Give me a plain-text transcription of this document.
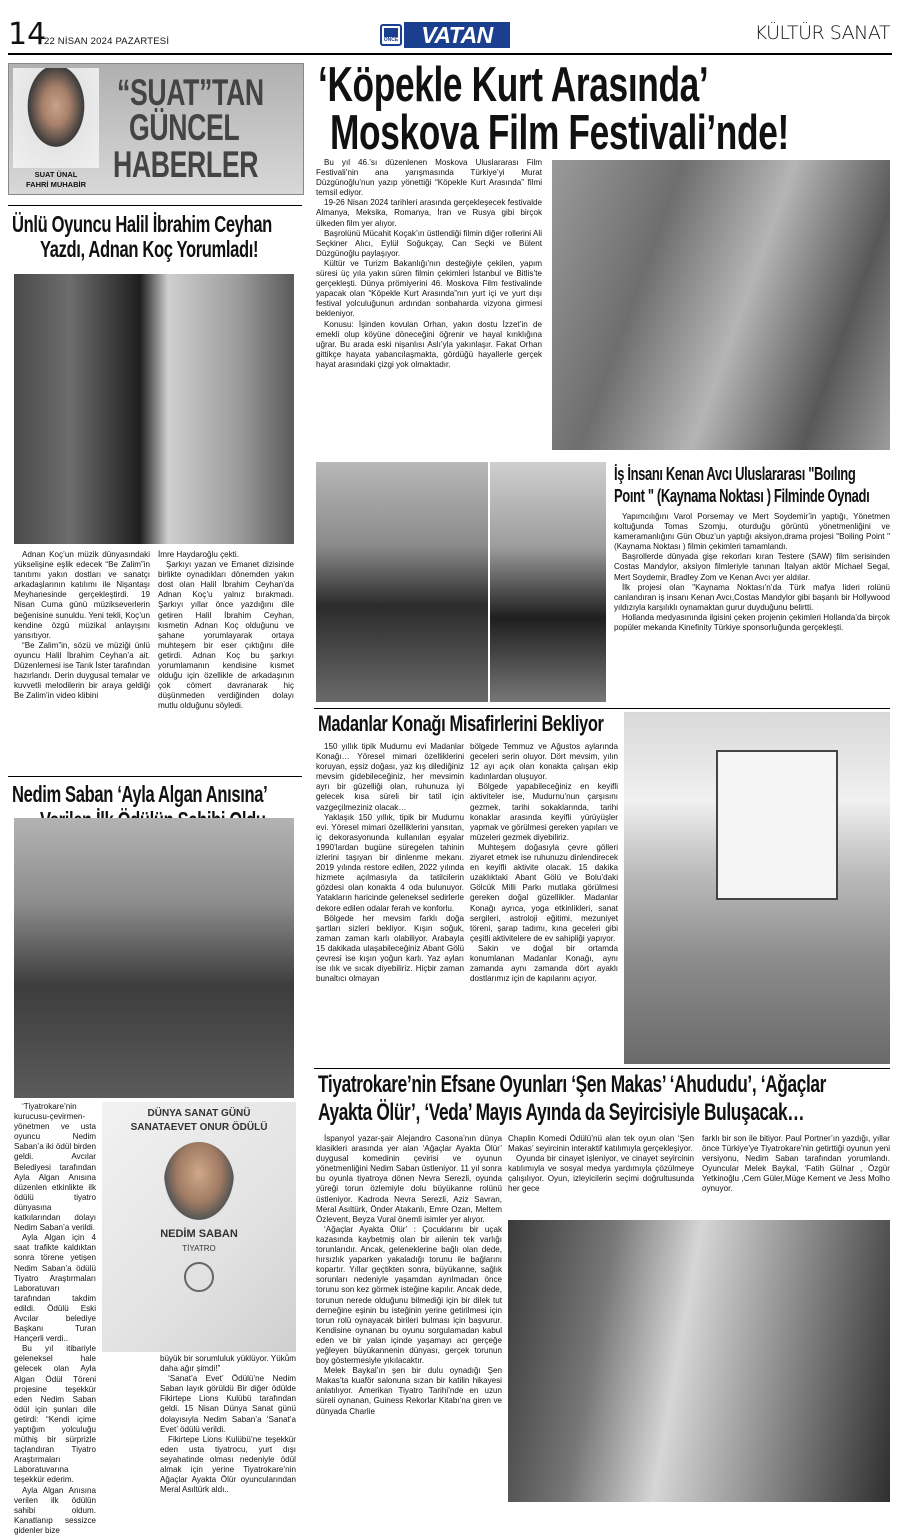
14
22 NİSAN 2024 PAZARTESİ	ÖNCE VATAN	KÜLTÜR SANAT
SUAT ÜNAL
FAHRİ MUHABİR
“SUAT”TAN
GÜNCEL
HABERLER
‘Köpekle Kurt Arasında’
Moskova Film Festivali’nde!

Bu yıl 46.’sı düzenlenen Moskova Uluslararası Film Festivali’nin ana yarışmasında Türkiye’yi Murat Düzgünoğlu’nun yazıp yönettiği “Köpekle Kurt Arasında” filmi temsil ediyor.

19-26 Nisan 2024 tarihleri arasında gerçekleşecek festivalde Almanya, Meksika, Romanya, İran ve Rusya gibi birçok ülkeden film yer alıyor.

Başrolünü Mücahit Koçak’ın üstlendiği filmin diğer rollerini Ali Seçkiner Alıcı, Eylül Soğukçay, Can Seçki ve Bülent Düzgünoğlu paylaşıyor.

Kültür ve Turizm Bakanlığı’nın desteğiyle çekilen, yapım süresi üç yıla yakın süren filmin çekimleri İstanbul ve Bitlis’te gerçekleşti. Dünya prömiyerini 46. Moskova Film festivalinde yapacak olan “Köpekle Kurt Arasında”nın yurt içi ve yurt dışı festival yolculuğunun ardından sonbaharda vizyona girmesi bekleniyor.

Konusu: İşinden kovulan Orhan, yakın dostu İzzet’in de emekli olup köyüne döneceğini öğrenir ve hayal kırıklığına uğrar. Bu arada eski nişanlısı Aslı’yla yakınlaşır. Fakat Orhan gittikçe hayata yabancılaşmakta, gördüğü hayallerle gerçek hayat arasındaki çizgi yok olmaktadır.

Ünlü Oyuncu Halil İbrahim Ceyhan
Yazdı, Adnan Koç Yorumladı!

Adnan Koç’un müzik dünyasındaki yükselişine eşlik edecek “Be Zalim”in tanıtımı yakın dostları ve sanatçı arkadaşlarının katılımı ile Nişantaşı Meyhanesinde gerçekleştirdi. 19 Nisan Cuma günü müzikseverlerin beğenisine sunuldu. Yeni tekli, Koç’un kendine özgü müzikal anlayışını yansıtıyor.

“Be Zalim”in, sözü ve müziği ünlü oyuncu Halil İbrahim Ceyhan’a ait. Düzenlemesi ise Tarık İster tarafından hazırlandı. Derin duygusal temalar ve kuvvetli melodilerin bir araya geldiği Be Zalim’in video klibini

İmre Haydaroğlu çekti.

Şarkıyı yazan ve Emanet dizisinde birlikte oynadıkları dönemden yakın dost olan Halil İbrahim Ceyhan’da Adnan Koç’u yalnız bırakmadı. Şarkıyı yıllar önce yazdığını dile getiren Halil İbrahim Ceyhan, kısmetin Adnan Koç olduğunu ve şahane yorumlayarak ortaya muhteşem bir eser çıktığını dile getirdi. Adnan Koç bu şarkıyı yorumlamanın kendisine kısmet olduğu için özellikle de arkadaşının çok cömert davranarak hiç düşünmeden verdiğinden dolayı mutlu olduğunu söyledi.

İş İnsanı Kenan Avcı Uluslararası "Boılıng
Poınt " (Kaynama Noktası ) Filminde Oynadı

Yapımcılığını Varol Porsemay ve Mert Soydemir’in yaptığı, Yönetmen koltuğunda Tomas Szomju, oturduğu görüntü yönetmenliğini ve kameramanlığını Gün Obuz’un yaptığı aksiyon,drama projesi "Boiling Point " (Kaynama Noktası ) filmin çekimleri tamamlandı.

Başrollerde dünyada gişe rekorları kıran Testere (SAW) film serisinden Costas Mandylor, aksiyon filmleriyle tanınan İtalyan aktör Michael Segal, Mert Soydemir, Bradley Zom ve Kenan Avcı yer aldılar.

İlk projesi olan "Kaynama Noktası’n’da Türk mafya lideri rolünü canlandıran iş insanı Kenan Avcı,Costas Mandylor gibi başarılı bir Hollywood yıldızıyla karşılıklı oynamaktan gurur duyduğunu belirtti.

Hollanda medyasınında ilgisini çeken projenin çekimleri Hollanda’da birçok popüler mekanda Kinefinity Türkiye sponsorluğunda gerçekleşti.

Nedim Saban ‘Ayla Algan Anısına’

‘Tiyatrokare’nin kurucusu-çevirmen-yönetmen ve usta oyuncu Nedim Saban’a iki ödül birden geldi. Avcılar Belediyesi tarafından Ayla Algan Anısına düzenlen etkinlikte ilk ödülü tiyatro dünyasına katkılarından dolayı Nedim Saban’a verildi.

Ayla Algan için 4 saat trafikte kaldıktan sonra törene yetişen Nedim Saban’a ödülü Tiyatro Araştırmaları Laboratuvarı tarafından takdim edildi. Ödülü Eski Avcılar belediye Başkanı Turan Hançerli verdi..

Bu yıl itibariyle geleneksel hale gelecek olan Ayla Algan Ödül Töreni projesine teşekkür eden Nedim Saban ödül için şunları dile getirdi: “Kendi içime yaptığım yolculuğu müthiş bir sürprizle taçlandıran Tiyatro Araştırmaları Laboratuvarına teşekkür ederim.

Ayla Algan Anısına verilen ilk ödülün sahibi oldum. Kanatlanıp sessizce gidenler bize

DÜNYA SANAT GÜNÜ
SANATAEVET ONUR ÖDÜLÜ
NEDİM SABAN
TİYATRO

büyük bir sorumluluk yüklüyor. Yükü̈m daha ağır şimdi!”

‘Sanat’a Evet’ Ödülü’ne Nedim Saban layık görüldü Bir diğer ödülde Fikirtepe Lions Kulübü tarafından geldi. 15 Nisan Dünya Sanat günü dolayısıyla Nedim Saban’a ‘Sanat’a Evet’ ödülü verildi.

Fikirtepe Lions Kulübü’ne teşekkür eden usta tiyatrocu, yurt dışı seyahatinde olması nedeniyle ödül almak için yerine Tiyatrokare’nin Ağaçlar Ayakta Ölür oyuncularından Meral Asıltürk aldı..

Madanlar Konağı Misafirlerini Bekliyor

150 yıllık tipik Mudurnu evi Madanlar Konağı… Yöresel mimari özelliklerini koruyan, eşsiz doğası, yaz kış dilediğiniz mevsim gidebileceğiniz, her mevsimin ayrı bir güzelliği olan, ruhunuza iyi gelecek kısa süreli bir tatil için vazgeçilmeziniz olacak…

Yaklaşık 150 yıllık, tipik bir Mudurnu evi. Yöresel mimari özelliklerini yansıtan, iç dekorasyonunda kullanılan eşyalar 1990’lardan bugüne süregelen tahinin izlerini taşıyan bir dinlenme mekanı. 2019 yılında restore edilen, 2022 yılında hizmete açılmasıyla da tatilcilerin gözdesi olan konakta 4 oda bulunuyor. Yatakların haricinde geleneksel sedirlerle dekore edilen odalar ferah ve konforlu.

Bölgede her mevsim farklı doğa şartları sizleri bekliyor. Kışın soğuk, zaman zaman karlı olabiliyor. Arabayla 15 dakikada ulaşabileceğiniz Abant Gölü çevresi ise kışın yoğun karlı. Yaz ayları ise ılık ve sıcak diyebiliriz. Hiçbir zaman bunaltıcı olmayan

bölgede Temmuz ve Ağustos aylarında geceleri serin oluyor. Dört mevsim, yılın 12 ayı açık olan konakta çalışan ekip kadınlardan oluşuyor.

Bölgede yapabileceğiniz en keyifli aktiviteler ise, Mudurnu’nun çarşısını gezmek, tarihi sokaklarında, tarihi konaklar arasında keyifli yürüyüşler yapmak ve görülmesi gereken yapıları ve müzeleri gezmek diyebiliriz.

Muhteşem doğasıyla çevre gölleri ziyaret etmek ise ruhunuzu dinlendirecek en keyifli aktivite olacak. 15 dakika uzaklıktaki Abant Gölü ve Bolu’daki Gölcük Milli Parkı mutlaka görülmesi gereken doğal güzellikler. Madanlar Konağı ayrıca, yoga etkinlikleri, sanat sergileri, astroloji eğitimi, mezuniyet töreni, şarap tadımı, kına geceleri gibi çeşitli aktivitelere de ev sahipliği yapıyor.

Sakin ve doğal bir ortamda konumlanan Madanlar Konağı, aynı zamanda aynı zamanda dört ayaklı dostlarımız için de kapılarını açıyor.

Tiyatrokare’nin Efsane Oyunları ‘Şen Makas’ ‘Ahududu’, ‘Ağaçlar
Ayakta Ölür’, ‘Veda’ Mayıs Ayında da Seyircisiyle Buluşacak…

İspanyol yazar-şair Alejandro Casona’nın dünya klasikleri arasında yer alan ‘Ağaçlar Ayakta Ölür’ duygusal komedinin çevirisi ve oyunun yönetmenliğini Nedim Saban üstleniyor. 11 yıl sonra bu oyunla tiyatroya dönen Nevra Serezli, oyunda yüreği torun özlemiyle dolu büyükanne rolünü üstleniyor. Kadroda Nevra Serezli, Aziz Savran, Meral Asıltürk, Önder Atakanlı, Emre Ozan, Meltem Özlevent, Beyza Vural önemli isimler yer alıyor.

‘Ağaçlar Ayakta Ölür’ : Çocuklarını bir uçak kazasında kaybetmiş olan bir ailenin tek varlığı torunlarıdır. Ancak, geleneklerine bağlı olan dede, hırsızlık yaparken yakaladığı torunu ile bağlarını kopartır. Yıllar geçtikten sonra, büyükanne, sağlık sorunları nedeniyle yaşamdan ayrılmadan önce torunu son kez görmek isteğine kapılır. Ancak dede, torunun nerede olduğunu bilmediği için bir dilek tut derneğine eşinin bu isteğinin yerine getirilmesi için torun rolü oynayacak birileri bulması için başvurur. Kendisine oynanan bu oyunu sorgulamadan kabul eden ve bir yalan içinde yaşamayı acı gerçeğe yeğleyen büyükannenin dünyası, gerçek torunun boy göstermesiyle yıkılacaktır.

Melek Baykal’ın şen bir dulu oynadığı Şen Makas’ta kuaför salonuna sızan bir katilin hikayesi anlatılıyor. Amerikan Tiyatro Tarihi’nde en uzun süreli oynanan, Guiness Rekorlar Kitabı’na giren ve dünyada Charlie

Chaplin Komedi Ödülü’nü alan tek oyun olan ‘Şen Makas’ seyircinin interaktif katılımıyla gerçekleşiyor.

Oyunda bir cinayet işleniyor, ve cinayet seyircinin katılımıyla ve sosyal medya yardımıyla çözülmeye çalışılıyor. Oyun, izleyicilerin seçimi doğrultusunda her gece

farklı bir son ile bitiyor. Paul Portner’ın yazdığı, yıllar önce Türkiye’ye Tiyatrokare’nin getirttiği oyunun yeni versiyonu, Nedim Saban tarafından yorumlandı. Oyuncular Melek Baykal, ‘Fatih Gülnar , Özgür Yetkinoğlu ,Cem Güler,Müge Kement ve Jess Molho oynuyor.
